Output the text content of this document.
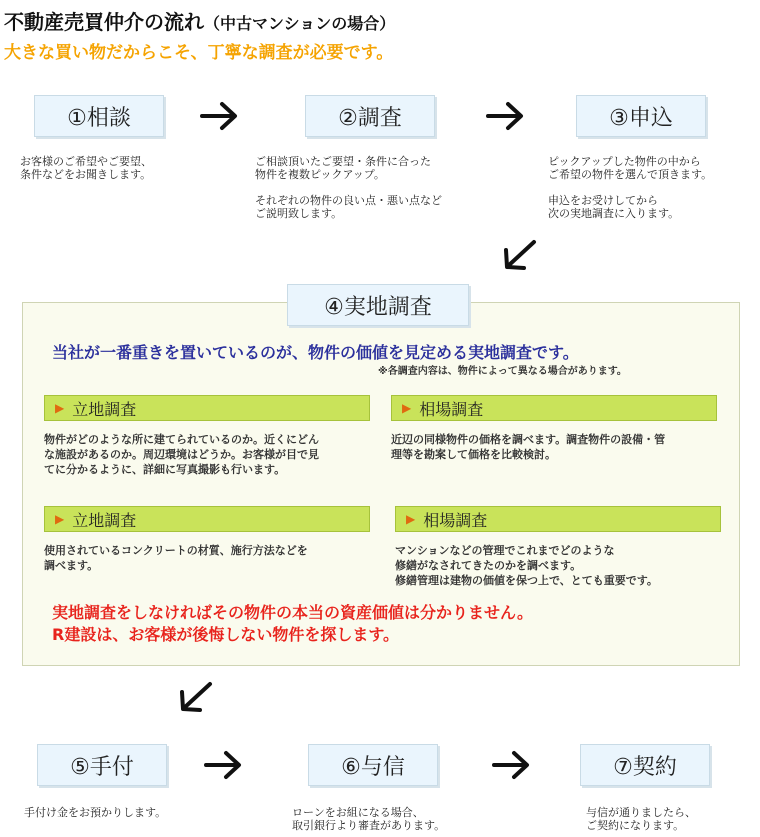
不動産売買仲介の流れ（中古マンションの場合）
大きな買い物だからこそ、丁寧な調査が必要です。
①相談	②調査	③申込
お客様のご希望やご要望、
条件などをお聞きします。
ご相談頂いたご要望・条件に合った
物件を複数ピックアップ。

それぞれの物件の良い点・悪い点など
ご説明致します。
ピックアップした物件の中から
ご希望の物件を選んで頂きます。

申込をお受けしてから
次の実地調査に入ります。
④実地調査
当社が一番重きを置いているのが、物件の価値を見定める実地調査です。
※各調査内容は、物件によって異なる場合があります。
▶ 立地調査	▶ 相場調査
物件がどのような所に建てられているのか。近くにどん
な施設があるのか。周辺環境はどうか。お客様が目で見
てに分かるように、詳細に写真撮影も行います。
近辺の同様物件の価格を調べます。調査物件の設備・管
理等を勘案して価格を比較検討。
▶ 立地調査	▶ 相場調査
使用されているコンクリートの材質、施行方法などを
調べます。
マンションなどの管理でこれまでどのような
修繕がなされてきたのかを調べます。
修繕管理は建物の価値を保つ上で、とても重要です。
実地調査をしなければその物件の本当の資産価値は分かりません。
R建設は、お客様が後悔しない物件を探します。
⑤手付	⑥与信	⑦契約
手付け金をお預かりします。	ローンをお組になる場合、
取引銀行より審査があります。
与信が通りましたら、
ご契約になります。
